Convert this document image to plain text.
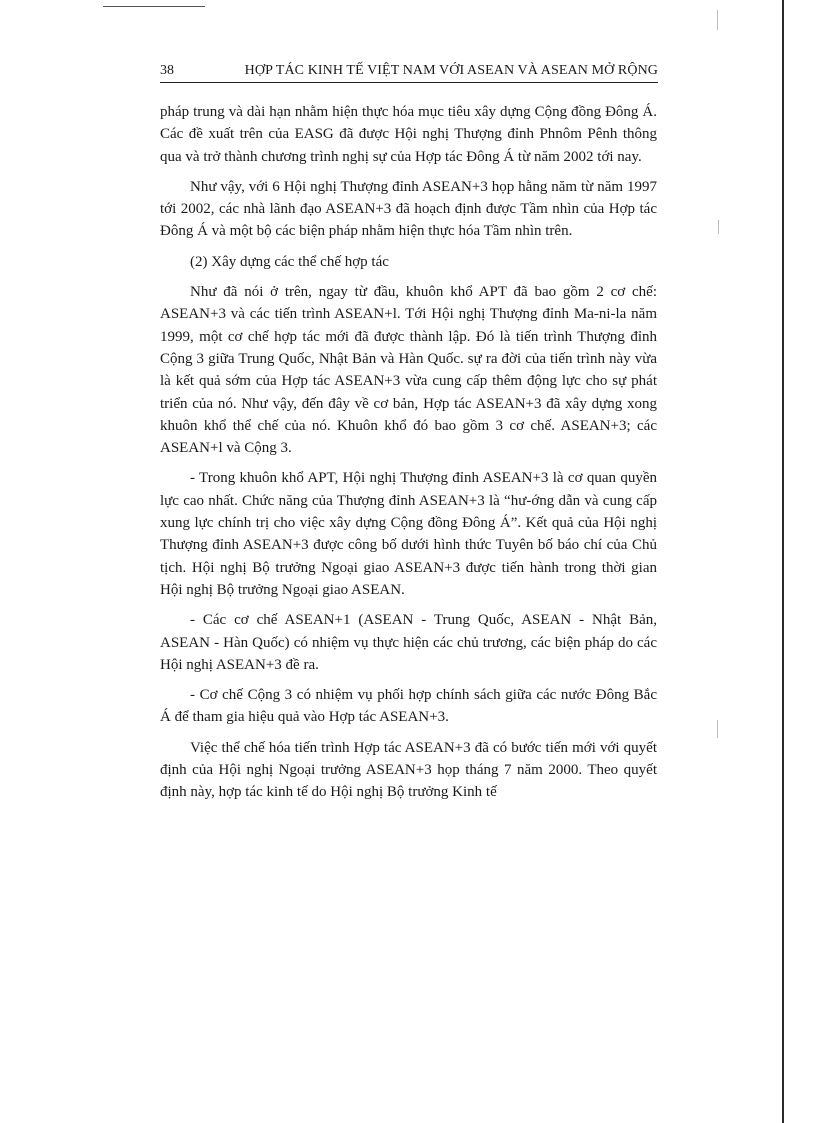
38	HỢP TÁC KINH TẾ VIỆT NAM VỚI ASEAN VÀ ASEAN MỞ RỘNG

pháp trung và dài hạn nhằm hiện thực hóa mục tiêu xây dựng Cộng đồng Đông Á. Các đề xuất trên của EASG đã được Hội nghị Thượng đỉnh Phnôm Pênh thông qua và trở thành chương trình nghị sự của Hợp tác Đông Á từ năm 2002 tới nay.

Như vậy, với 6 Hội nghị Thượng đỉnh ASEAN+3 họp hằng năm từ năm 1997 tới 2002, các nhà lãnh đạo ASEAN+3 đã hoạch định được Tầm nhìn của Hợp tác Đông Á và một bộ các biện pháp nhằm hiện thực hóa Tầm nhìn trên.

(2) Xây dựng các thể chế hợp tác

Như đã nói ở trên, ngay từ đầu, khuôn khổ APT đã bao gồm 2 cơ chế: ASEAN+3 và các tiến trình ASEAN+l. Tới Hội nghị Thượng đỉnh Ma-ni-la năm 1999, một cơ chế hợp tác mới đã được thành lập. Đó là tiến trình Thượng đỉnh Cộng 3 giữa Trung Quốc, Nhật Bản và Hàn Quốc. sự ra đời của tiến trình này vừa là kết quả sớm của Hợp tác ASEAN+3 vừa cung cấp thêm động lực cho sự phát triển của nó. Như vậy, đến đây về cơ bản, Hợp tác ASEAN+3 đã xây dựng xong khuôn khổ thể chế của nó. Khuôn khổ đó bao gồm 3 cơ chế. ASEAN+3; các ASEAN+l và Cộng 3.

- Trong khuôn khổ APT, Hội nghị Thượng đỉnh ASEAN+3 là cơ quan quyền lực cao nhất. Chức năng của Thượng đỉnh ASEAN+3 là “hư-ớng dẫn và cung cấp xung lực chính trị cho việc xây dựng Cộng đồng Đông Á”. Kết quả của Hội nghị Thượng đỉnh ASEAN+3 được công bố dưới hình thức Tuyên bố báo chí của Chủ tịch. Hội nghị Bộ trưởng Ngoại giao ASEAN+3 được tiến hành trong thời gian Hội nghị Bộ trưởng Ngoại giao ASEAN.

- Các cơ chế ASEAN+1 (ASEAN - Trung Quốc, ASEAN - Nhật Bản, ASEAN - Hàn Quốc) có nhiệm vụ thực hiện các chủ trương, các biện pháp do các Hội nghị ASEAN+3 đề ra.

- Cơ chế Cộng 3 có nhiệm vụ phối hợp chính sách giữa các nước Đông Bắc Á để tham gia hiệu quả vào Hợp tác ASEAN+3.

Việc thể chế hóa tiến trình Hợp tác ASEAN+3 đã có bước tiến mới với quyết định của Hội nghị Ngoại trưởng ASEAN+3 họp tháng 7 năm 2000. Theo quyết định này, hợp tác kinh tế do Hội nghị Bộ trưởng Kinh tế
